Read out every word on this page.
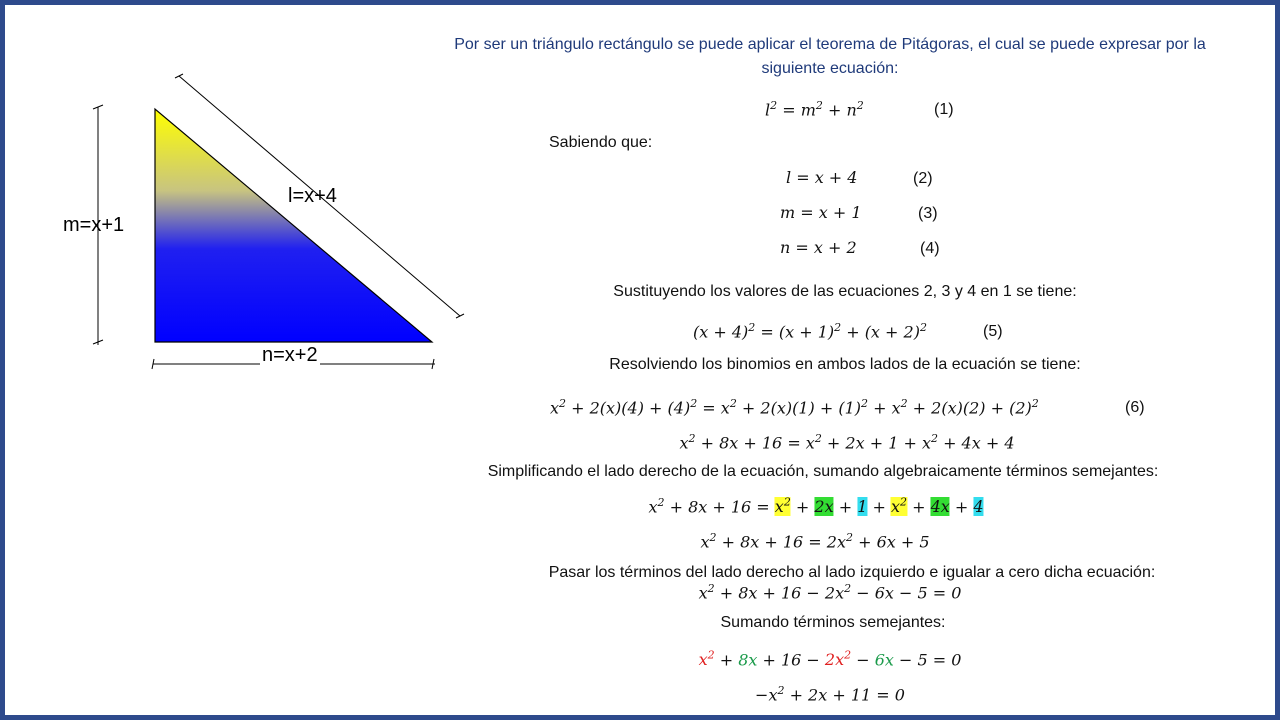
m=x+1
l=x+4
n=x+2
Por ser un triángulo rectángulo se puede aplicar el teorema de Pitágoras, el cual se puede expresar por la siguiente ecuación:
$l^2 = m^2 + n^2$	(1)
Sabiendo que:
l = x + 4	(2)
m = x + 1	(3)
n = x + 2	(4)
Sustituyendo los valores de las ecuaciones 2, 3 y 4 en 1 se tiene:
$(x + 4)^2 = (x + 1)^2 + (x + 2)^2$	(5)
Resolviendo los binomios en ambos lados de la ecuación se tiene:
$x^2 + 2(x)(4) + (4)^2 = x^2 + 2(x)(1) + (1)^2 + x^2 + 2(x)(2) + (2)^2$	(6)
$x^2 + 8x + 16 = x^2 + 2x + 1 + x^2 + 4x + 4$
Simplificando el lado derecho de la ecuación, sumando algebraicamente términos semejantes:
$x^2 + 8x + 16 = x^2 + 2x + 1 + x^2 + 4x + 4$
$x^2 + 8x + 16 = 2x^2 + 6x + 5$
Pasar los términos del lado derecho al lado izquierdo e igualar a cero dicha ecuación:
$x^2 + 8x + 16 - 2x^2 - 6x - 5 = 0$
Sumando términos semejantes:
$x^2 + 8x + 16 - 2x^2 - 6x - 5 = 0$
$-x^2 + 2x + 11 = 0$
